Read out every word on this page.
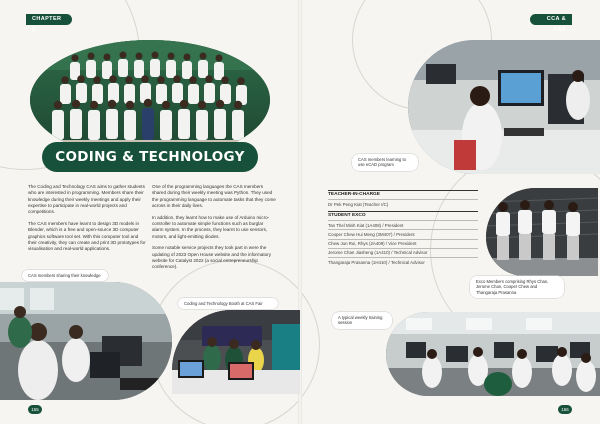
CHAPTER 5
CCA & CAS
CODING & TECHNOLOGY

The Coding and Technology CAS aims to gather students who are interested in programming. Members share their knowledge during their weekly meetings and apply their expertise to participate in real-world projects and competitions.

The CAS members have learnt to design 3D models in Blender, which is a free and open-source 3D computer graphics software tool set. With this computer tool and their creativity, they can create and print 3D prototypes for visualisation and real-world applications.

One of the programming languages the CAS members shared during their weekly meeting was Python. They used the programming language to automate tasks that they come across in their daily lives.

In addition, they learnt how to make use of Arduino micro-controller to automate simple functions such as burglar alarm system. In the process, they learnt to use sensors, motors, and light-emitting diodes.

Some notable service projects they took part in were the updating of 2023 Open House website and the informatory website for Catalyst 2022 (a social entrepreneurship conference).

CAS members sharing their knowledge
Coding and Technology Booth at CAS Fair
155
CAS members learning to use eCAD program
TEACHER-IN-CHARGE
Dr Pek Peng Kiat (Teacher I/C)
STUDENT EXCO
Tan Thel Minh Kiat (1A408) / President
Cooper Chew Hui Meng (3M407) / President
Chew Jun Rui, Rhys (2A409) / Vice President
Jerome Chan Jiasheng (1A410) / Technical Advisor
Thangaraja Prasanna (1H410) / Technical Advisor
Exco Members comprising Rhys Chan, Jerome Chan, Cooper Chew and Thangaraja Prasanna
A typical weekly training session
156
